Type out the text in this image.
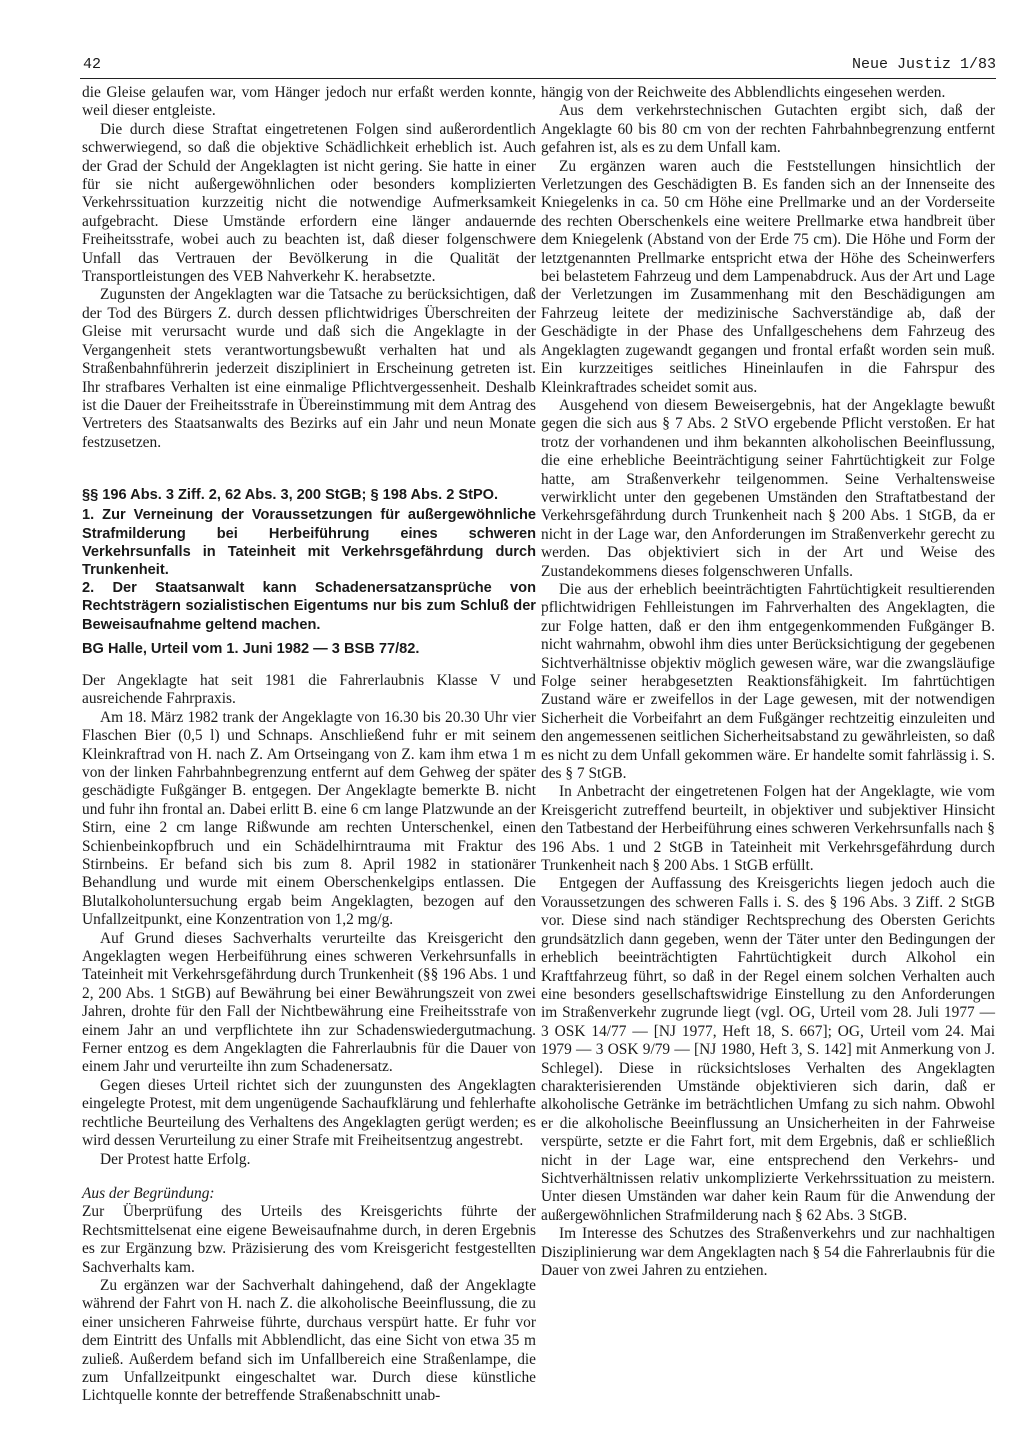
42	Neue Justiz 1/83

die Gleise gelaufen war, vom Hänger jedoch nur erfaßt werden konnte, weil dieser entgleiste.

Die durch diese Straftat eingetretenen Folgen sind außerordentlich schwerwiegend, so daß die objektive Schädlichkeit erheblich ist. Auch der Grad der Schuld der Angeklagten ist nicht gering. Sie hatte in einer für sie nicht außergewöhnlichen oder besonders komplizierten Verkehrssituation kurzzeitig nicht die notwendige Aufmerksamkeit aufgebracht. Diese Umstände erfordern eine länger andauernde Freiheitsstrafe, wobei auch zu beachten ist, daß dieser folgenschwere Unfall das Vertrauen der Bevölkerung in die Qualität der Transportleistungen des VEB Nahverkehr K. herabsetzte.

Zugunsten der Angeklagten war die Tatsache zu berücksichtigen, daß der Tod des Bürgers Z. durch dessen pflichtwidriges Überschreiten der Gleise mit verursacht wurde und daß sich die Angeklagte in der Vergangenheit stets verantwortungsbewußt verhalten hat und als Straßenbahnführerin jederzeit diszipliniert in Erscheinung getreten ist. Ihr strafbares Verhalten ist eine einmalige Pflichtvergessenheit. Deshalb ist die Dauer der Freiheitsstrafe in Übereinstimmung mit dem Antrag des Vertreters des Staatsanwalts des Bezirks auf ein Jahr und neun Monate festzusetzen.

§§ 196 Abs. 3 Ziff. 2, 62 Abs. 3, 200 StGB; § 198 Abs. 2 StPO.

1. Zur Verneinung der Voraussetzungen für außergewöhnliche Strafmilderung bei Herbeiführung eines schweren Verkehrsunfalls in Tateinheit mit Verkehrsgefährdung durch Trunkenheit.

2. Der Staatsanwalt kann Schadenersatzansprüche von Rechtsträgern sozialistischen Eigentums nur bis zum Schluß der Beweisaufnahme geltend machen.

BG Halle, Urteil vom 1. Juni 1982 — 3 BSB 77/82.

Der Angeklagte hat seit 1981 die Fahrerlaubnis Klasse V und ausreichende Fahrpraxis.

Am 18. März 1982 trank der Angeklagte von 16.30 bis 20.30 Uhr vier Flaschen Bier (0,5 l) und Schnaps. Anschließend fuhr er mit seinem Kleinkraftrad von H. nach Z. Am Ortseingang von Z. kam ihm etwa 1 m von der linken Fahrbahnbegrenzung entfernt auf dem Gehweg der später geschädigte Fußgänger B. entgegen. Der Angeklagte bemerkte B. nicht und fuhr ihn frontal an. Dabei erlitt B. eine 6 cm lange Platzwunde an der Stirn, eine 2 cm lange Rißwunde am rechten Unterschenkel, einen Schienbeinkopfbruch und ein Schädelhirntrauma mit Fraktur des Stirnbeins. Er befand sich bis zum 8. April 1982 in stationärer Behandlung und wurde mit einem Oberschenkelgips entlassen. Die Blutalkoholuntersuchung ergab beim Angeklagten, bezogen auf den Unfallzeitpunkt, eine Konzentration von 1,2 mg/g.

Auf Grund dieses Sachverhalts verurteilte das Kreisgericht den Angeklagten wegen Herbeiführung eines schweren Verkehrsunfalls in Tateinheit mit Verkehrsgefährdung durch Trunkenheit (§§ 196 Abs. 1 und 2, 200 Abs. 1 StGB) auf Bewährung bei einer Bewährungszeit von zwei Jahren, drohte für den Fall der Nichtbewährung eine Freiheitsstrafe von einem Jahr an und verpflichtete ihn zur Schadenswiedergutmachung. Ferner entzog es dem Angeklagten die Fahrerlaubnis für die Dauer von einem Jahr und verurteilte ihn zum Schadenersatz.

Gegen dieses Urteil richtet sich der zuungunsten des Angeklagten eingelegte Protest, mit dem ungenügende Sachaufklärung und fehlerhafte rechtliche Beurteilung des Verhaltens des Angeklagten gerügt werden; es wird dessen Verurteilung zu einer Strafe mit Freiheitsentzug angestrebt.

Der Protest hatte Erfolg.

Aus der Begründung:

Zur Überprüfung des Urteils des Kreisgerichts führte der Rechtsmittelsenat eine eigene Beweisaufnahme durch, in deren Ergebnis es zur Ergänzung bzw. Präzisierung des vom Kreisgericht festgestellten Sachverhalts kam.

Zu ergänzen war der Sachverhalt dahingehend, daß der Angeklagte während der Fahrt von H. nach Z. die alkoholische Beeinflussung, die zu einer unsicheren Fahrweise führte, durchaus verspürt hatte. Er fuhr vor dem Eintritt des Unfalls mit Abblendlicht, das eine Sicht von etwa 35 m zuließ. Außerdem befand sich im Unfallbereich eine Straßenlampe, die zum Unfallzeitpunkt eingeschaltet war. Durch diese künstliche Lichtquelle konnte der betreffende Straßenabschnitt unab-

hängig von der Reichweite des Abblendlichts eingesehen werden.

Aus dem verkehrstechnischen Gutachten ergibt sich, daß der Angeklagte 60 bis 80 cm von der rechten Fahrbahnbegrenzung entfernt gefahren ist, als es zu dem Unfall kam.

Zu ergänzen waren auch die Feststellungen hinsichtlich der Verletzungen des Geschädigten B. Es fanden sich an der Innenseite des Kniegelenks in ca. 50 cm Höhe eine Prellmarke und an der Vorderseite des rechten Oberschenkels eine weitere Prellmarke etwa handbreit über dem Kniegelenk (Abstand von der Erde 75 cm). Die Höhe und Form der letztgenannten Prellmarke entspricht etwa der Höhe des Scheinwerfers bei belastetem Fahrzeug und dem Lampenabdruck. Aus der Art und Lage der Verletzungen im Zusammenhang mit den Beschädigungen am Fahrzeug leitete der medizinische Sachverständige ab, daß der Geschädigte in der Phase des Unfallgeschehens dem Fahrzeug des Angeklagten zugewandt gegangen und frontal erfaßt worden sein muß. Ein kurzzeitiges seitliches Hineinlaufen in die Fahrspur des Kleinkraftrades scheidet somit aus.

Ausgehend von diesem Beweisergebnis, hat der Angeklagte bewußt gegen die sich aus § 7 Abs. 2 StVO ergebende Pflicht verstoßen. Er hat trotz der vorhandenen und ihm bekannten alkoholischen Beeinflussung, die eine erhebliche Beeinträchtigung seiner Fahrtüchtigkeit zur Folge hatte, am Straßenverkehr teilgenommen. Seine Verhaltensweise verwirklicht unter den gegebenen Umständen den Straftatbestand der Verkehrsgefährdung durch Trunkenheit nach § 200 Abs. 1 StGB, da er nicht in der Lage war, den Anforderungen im Straßenverkehr gerecht zu werden. Das objektiviert sich in der Art und Weise des Zustandekommens dieses folgenschweren Unfalls.

Die aus der erheblich beeinträchtigten Fahrtüchtigkeit resultierenden pflichtwidrigen Fehlleistungen im Fahrverhalten des Angeklagten, die zur Folge hatten, daß er den ihm entgegenkommenden Fußgänger B. nicht wahrnahm, obwohl ihm dies unter Berücksichtigung der gegebenen Sichtverhältnisse objektiv möglich gewesen wäre, war die zwangsläufige Folge seiner herabgesetzten Reaktionsfähigkeit. Im fahrtüchtigen Zustand wäre er zweifellos in der Lage gewesen, mit der notwendigen Sicherheit die Vorbeifahrt an dem Fußgänger rechtzeitig einzuleiten und den angemessenen seitlichen Sicherheitsabstand zu gewährleisten, so daß es nicht zu dem Unfall gekommen wäre. Er handelte somit fahrlässig i. S. des § 7 StGB.

In Anbetracht der eingetretenen Folgen hat der Angeklagte, wie vom Kreisgericht zutreffend beurteilt, in objektiver und subjektiver Hinsicht den Tatbestand der Herbeiführung eines schweren Verkehrsunfalls nach § 196 Abs. 1 und 2 StGB in Tateinheit mit Verkehrsgefährdung durch Trunkenheit nach § 200 Abs. 1 StGB erfüllt.

Entgegen der Auffassung des Kreisgerichts liegen jedoch auch die Voraussetzungen des schweren Falls i. S. des § 196 Abs. 3 Ziff. 2 StGB vor. Diese sind nach ständiger Rechtsprechung des Obersten Gerichts grundsätzlich dann gegeben, wenn der Täter unter den Bedingungen der erheblich beeinträchtigten Fahrtüchtigkeit durch Alkohol ein Kraftfahrzeug führt, so daß in der Regel einem solchen Verhalten auch eine besonders gesellschaftswidrige Einstellung zu den Anforderungen im Straßenverkehr zugrunde liegt (vgl. OG, Urteil vom 28. Juli 1977 — 3 OSK 14/77 — [NJ 1977, Heft 18, S. 667]; OG, Urteil vom 24. Mai 1979 — 3 OSK 9/79 — [NJ 1980, Heft 3, S. 142] mit Anmerkung von J. Schlegel). Diese in rücksichtsloses Verhalten des Angeklagten charakterisierenden Umstände objektivieren sich darin, daß er alkoholische Getränke im beträchtlichen Umfang zu sich nahm. Obwohl er die alkoholische Beeinflussung an Unsicherheiten in der Fahrweise verspürte, setzte er die Fahrt fort, mit dem Ergebnis, daß er schließlich nicht in der Lage war, eine entsprechend den Verkehrs- und Sichtverhältnissen relativ unkomplizierte Verkehrssituation zu meistern. Unter diesen Umständen war daher kein Raum für die Anwendung der außergewöhnlichen Strafmilderung nach § 62 Abs. 3 StGB.

Im Interesse des Schutzes des Straßenverkehrs und zur nachhaltigen Disziplinierung war dem Angeklagten nach § 54 die Fahrerlaubnis für die Dauer von zwei Jahren zu entziehen.
